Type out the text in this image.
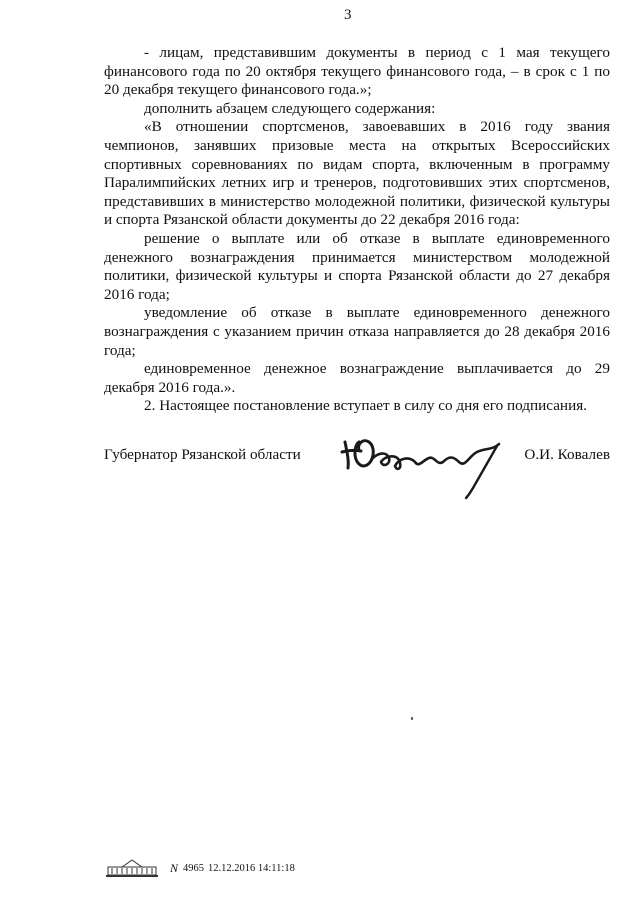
3

- лицам, представившим документы в период с 1 мая текущего финансового года по 20 октября текущего финансового года, – в срок с 1 по 20 декабря текущего финансового года.»;

дополнить абзацем следующего содержания:

«В отношении спортсменов, завоевавших в 2016 году звания чемпионов, занявших призовые места на открытых Всероссийских спортивных соревнованиях по видам спорта, включенным в программу Паралимпийских летних игр и тренеров, подготовивших этих спортсменов, представивших в министерство молодежной политики, физической культуры и спорта Рязанской области документы до 22 декабря 2016 года:

решение о выплате или об отказе в выплате единовременного денежного вознаграждения принимается министерством молодежной политики, физической культуры и спорта Рязанской области до 27 декабря 2016 года;

уведомление об отказе в выплате единовременного денежного вознаграждения с указанием причин отказа направляется до 28 декабря 2016 года;

единовременное денежное вознаграждение выплачивается до 29 декабря 2016 года.».

2. Настоящее постановление вступает в силу со дня его подписания.

Губернатор Рязанской области	О.И. Ковалев
N 4965 12.12.2016 14:11:18
